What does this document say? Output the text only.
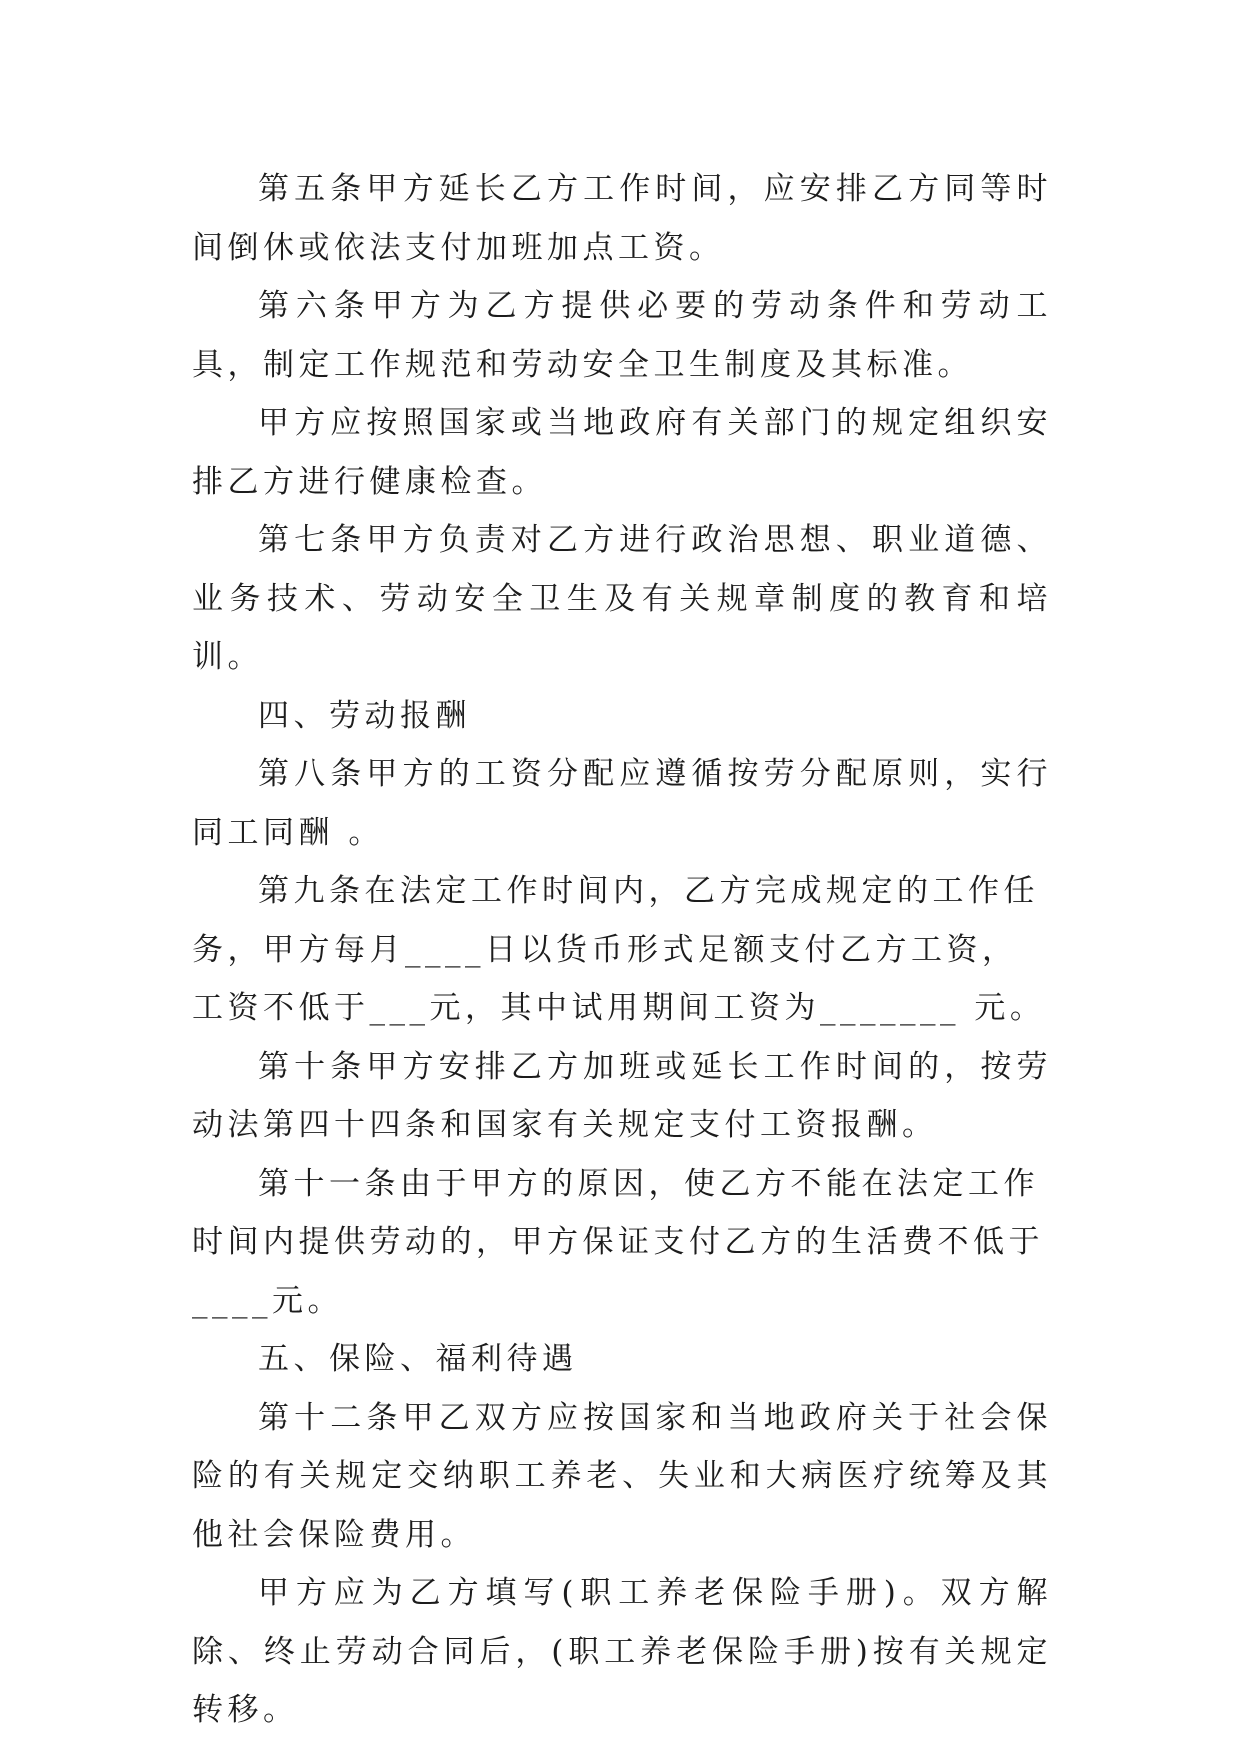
第五条甲方延长乙方工作时间，应安排乙方同等时间倒休或依法支付加班加点工资。

第六条甲方为乙方提供必要的劳动条件和劳动工具，制定工作规范和劳动安全卫生制度及其标准。

甲方应按照国家或当地政府有关部门的规定组织安排乙方进行健康检查。

第七条甲方负责对乙方进行政治思想、职业道德、业务技术、劳动安全卫生及有关规章制度的教育和培训。

四、劳动报酬

第八条甲方的工资分配应遵循按劳分配原则，实行同工同酬 。

第九条在法定工作时间内，乙方完成规定的工作任务，甲方每月____日以货币形式足额支付乙方工资，工资不低于___元，其中试用期间工资为_______ 元。

第十条甲方安排乙方加班或延长工作时间的，按劳动法第四十四条和国家有关规定支付工资报酬。

第十一条由于甲方的原因，使乙方不能在法定工作时间内提供劳动的，甲方保证支付乙方的生活费不低于____元。

五、保险、福利待遇

第十二条甲乙双方应按国家和当地政府关于社会保险的有关规定交纳职工养老、失业和大病医疗统筹及其他社会保险费用。

甲方应为乙方填写(职工养老保险手册)。双方解除、终止劳动合同后，(职工养老保险手册)按有关规定转移。
